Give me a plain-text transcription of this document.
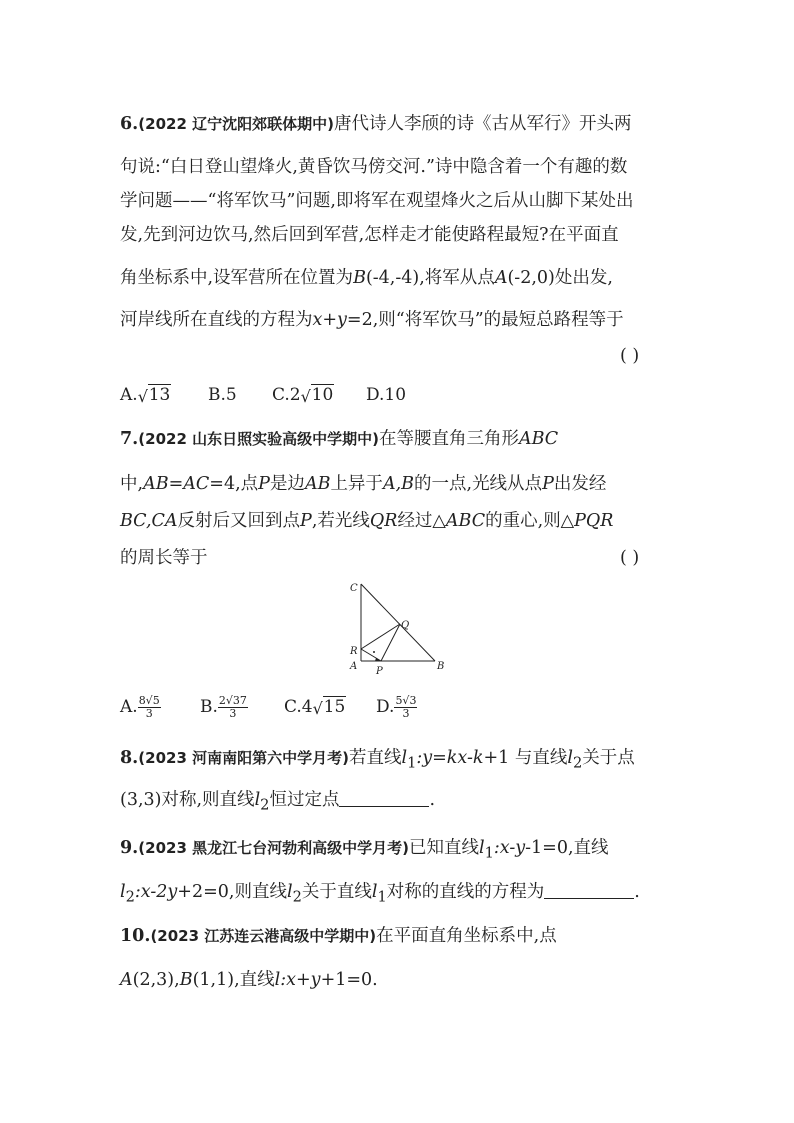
6.(2022 辽宁沈阳郊联体期中)唐代诗人李颀的诗《古从军行》开头两
句说:“白日登山望烽火,黄昏饮马傍交河.”诗中隐含着一个有趣的数
学问题——“将军饮马”问题,即将军在观望烽火之后从山脚下某处出
发,先到河边饮马,然后回到军营,怎样走才能使路程最短?在平面直
角坐标系中,设军营所在位置为B(-4,-4),将军从点A(-2,0)处出发,
河岸线所在直线的方程为x+y=2,则“将军饮马”的最短总路程等于
( )
A. √ 13 B.5 C.2 √ 10 D.10
7.(2022 山东日照实验高级中学期中)在等腰直角三角形ABC
中,AB=AC=4,点P是边AB上异于A,B的一点,光线从点P出发经
BC,CA反射后又回到点P,若光线QR经过△ABC的重心,则△PQR
的周长等于	( )
C
Q
R
A P	B
A. $\frac{8√5}{3} B$. $\frac{2√37}{3} C.4$ √ 15 D. $\frac{5√3}{3}$
8.(2023 河南南阳第六中学月考)若直线$l_1:y=kx-k+1$ 与直线$l_2$关于点
(3,3)对称,则直线$l_2$恒过定点	.
9.(2023 黑龙江七台河勃利高级中学月考)已知直线$l_1:x-y-1=0$,直线
$l_2:x-2y+2=0$,则直线$l_2$关于直线$l_1$对称的直线的方程为	.
10.(2023 江苏连云港高级中学期中)在平面直角坐标系中,点
A(2,3),B(1,1),直线l:x+y+1=0.
